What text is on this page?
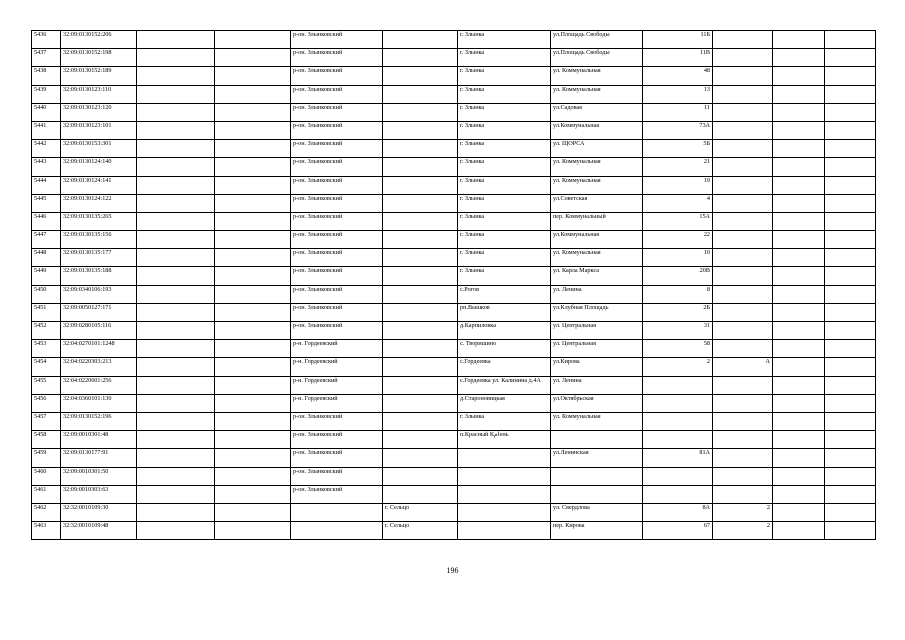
5436	32:09:0130152:206			р-он. Злынковский		г. Злынка	ул.Площадь Свободы	11Б			
5437	32:09:0130152:198			р-он. Злынковский		г. Злынка	ул.Площадь Свободы	11В			
5438	32:09:0130152:189			р-он. Злынковский		г. Злынка	ул. Коммунальная	48			
5439	32:09:0130123:110			р-он. Злынковский		г. Злынка	ул. Коммунальная	13			
5440	32:09:0130123:120			р-он. Злынковский		г. Злынка	ул.Садовая	11			
5441	32:09:0130123:101			р-он. Злынковский		г. Злынка	ул.Коммунальная	73А			
5442	32:09:0130153:301			р-он. Злынковский		г. Злынка	ул. ЩОРСА	5Б			
5443	32:09:0130124:140			р-он. Злынковский		г. Злынка	ул. Коммунальная	21			
5444	32:09:0130124:141			р-он. Злынковский		г. Злынка	ул. Коммунальная	19			
5445	32:09:0130124:122			р-он. Злынковский		г. Злынка	ул.Советская	4			
5446	32:09:0130135:265			р-он. Злынковский		г. Злынка	пер. Коммунальный	15А			
5447	32:09:0130135:156			р-он. Злынковский		г. Злынка	ул.Коммунальная	22			
5448	32:09:0130135:177			р-он. Злынковский		г. Злынка	ул. Коммунальная	10			
5449	32:09:0130135:188			р-он. Злынковский		г. Злынка	ул. Карла Маркса	20В			
5450	32:09:0340106:193			р-он. Злынковский		с.Рогов	ул. Ленина	8			
5451	32:09:0050127:171			р-он. Злынковский		рп.Вышков	ул.Клубная Площадь	2Б			
5452	32:09:0280105:116			р-он. Злынковский		д.Карпиловка	ул. Центральная	31			
5453	32:04:0270101:1248			р-н. Гордеевский		с. Творишино	ул. Центральная	58			
5454	32:04:0220303:213			р-н. Гордеевский		с.Гордеевка	ул.Кирова	2	А		
5455	32:04:0220601:256			р-н. Гордеевский		с.Гордеевка ул. Калинина д.4А	ул. Ленина				
5456	32:04:0360101:130			р-н. Гордеевский		д.Староновицкая	ул.Октябрьская				
5457	32:09:0130152:196			р-он. Злынковский		г. Злынка	ул. Коммунальная				
5458	32:09:0010301:48			р-он. Злынковский		п.Красный Кامень					
5459	32:09:0130177:91			р-он. Злынковский			ул.Ленинская	81А			
5460	32:09:0010301:50			р-он. Злынковский							
5461	32:09:0010303:63			р-он. Злынковский							
5462	32:32:0010109:30				г. Сельцо		ул. Свердлова	8А	2		
5463	32:32:0010109:48				г. Сельцо		пер. Кирова	67	2		
196
